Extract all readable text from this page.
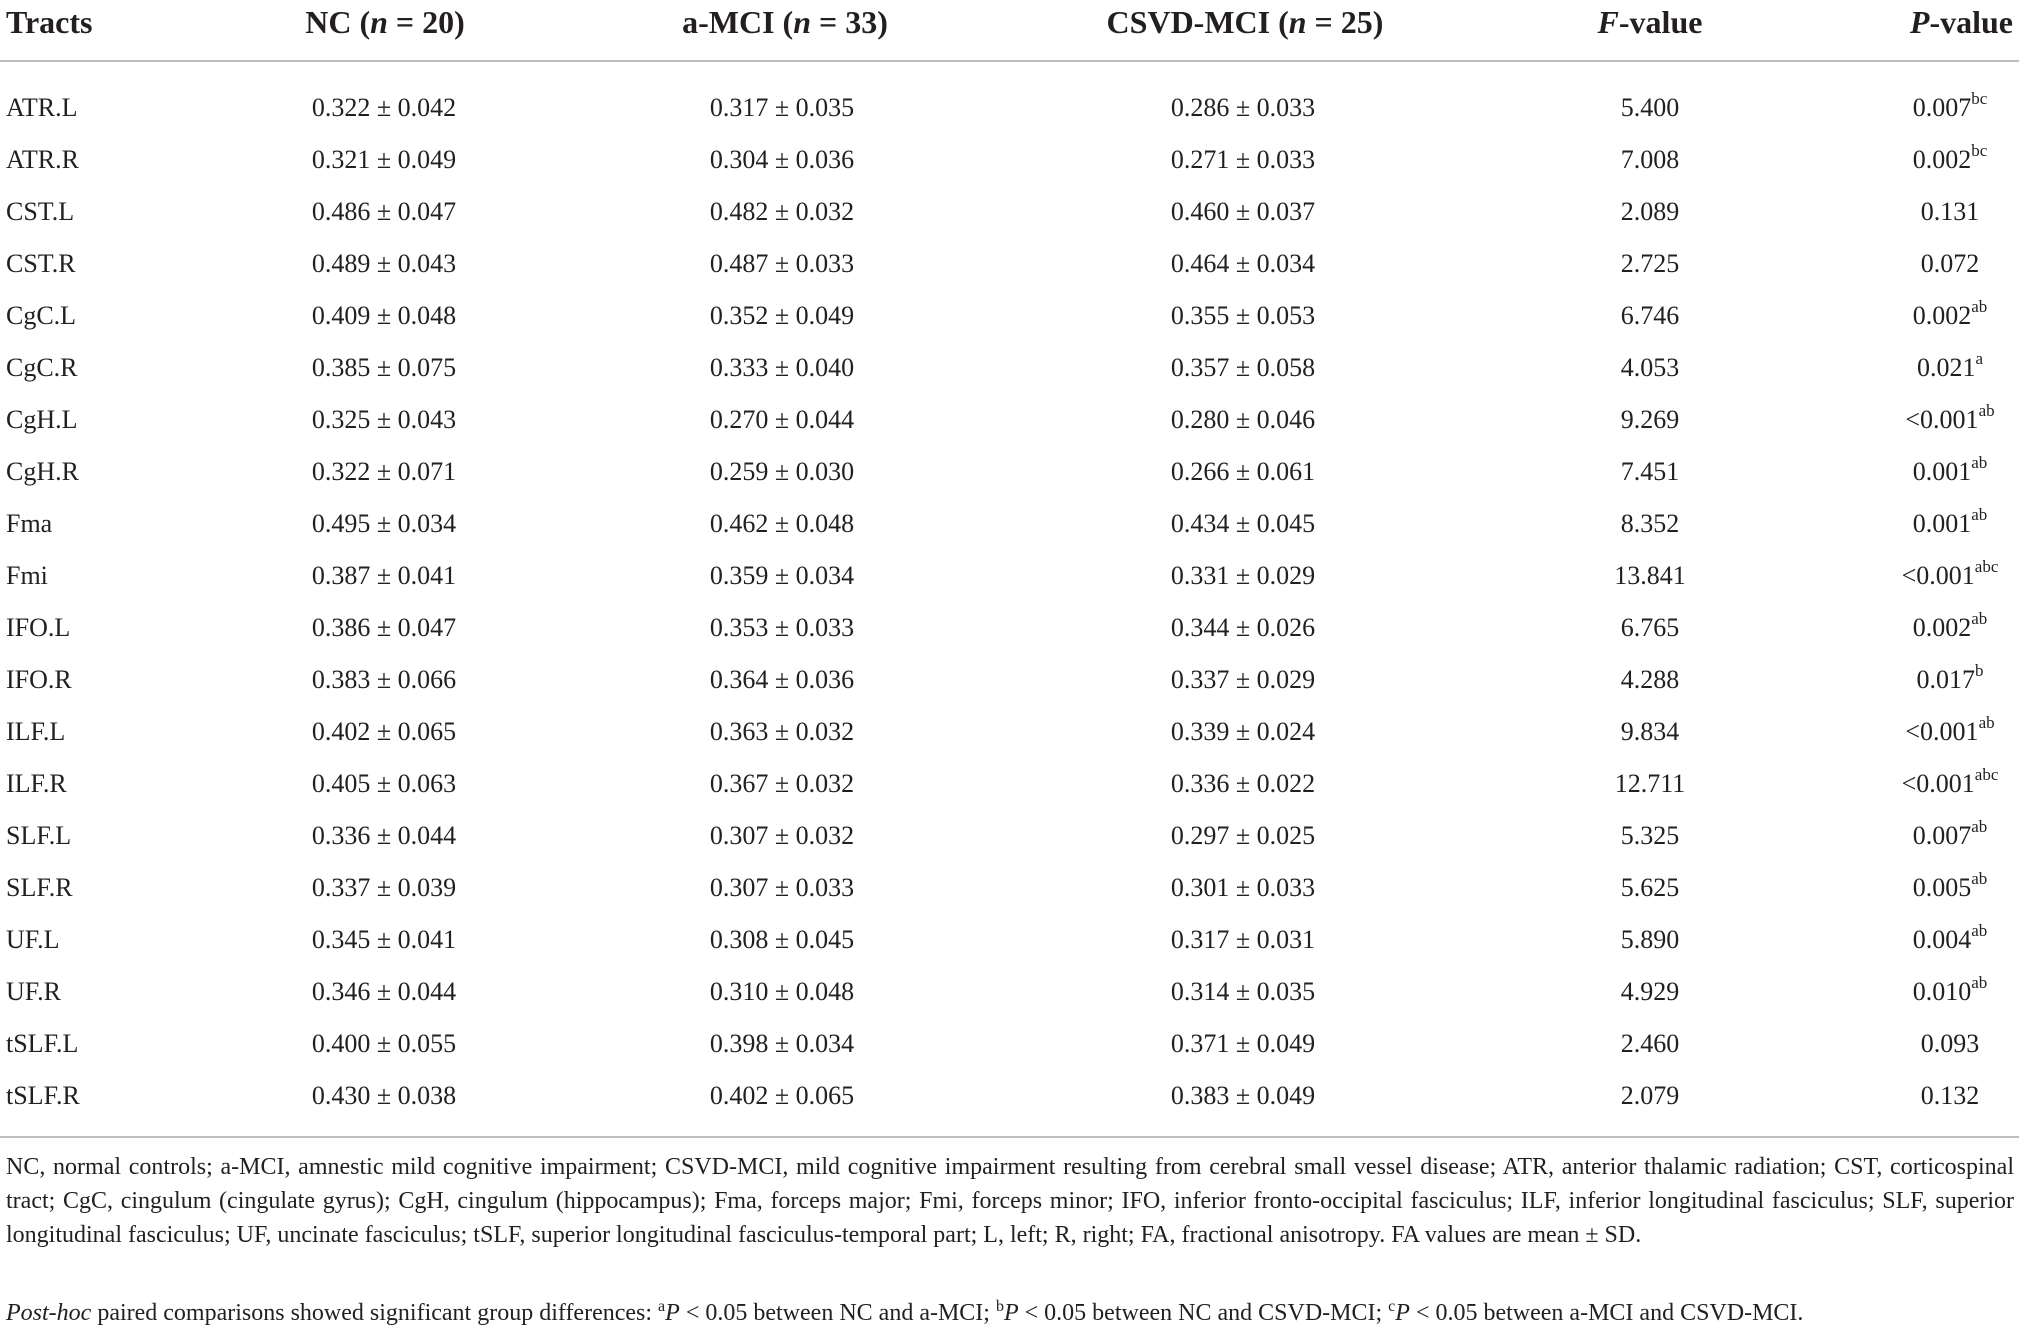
Tracts	NC (n = 20)	a-MCI (n = 33)	CSVD-MCI (n = 25)	F-value	P-value
ATR.L	0.322 ± 0.042	0.317 ± 0.035	0.286 ± 0.033	5.400	0.007$^{bc}$
ATR.R	0.321 ± 0.049	0.304 ± 0.036	0.271 ± 0.033	7.008	0.002$^{bc}$
CST.L	0.486 ± 0.047	0.482 ± 0.032	0.460 ± 0.037	2.089	0.131
CST.R	0.489 ± 0.043	0.487 ± 0.033	0.464 ± 0.034	2.725	0.072
CgC.L	0.409 ± 0.048	0.352 ± 0.049	0.355 ± 0.053	6.746	0.002$^{ab}$
CgC.R	0.385 ± 0.075	0.333 ± 0.040	0.357 ± 0.058	4.053	0.021$^a$
CgH.L	0.325 ± 0.043	0.270 ± 0.044	0.280 ± 0.046	9.269	<0.001$^{ab}$
CgH.R	0.322 ± 0.071	0.259 ± 0.030	0.266 ± 0.061	7.451	0.001$^{ab}$
Fma	0.495 ± 0.034	0.462 ± 0.048	0.434 ± 0.045	8.352	0.001$^{ab}$
Fmi	0.387 ± 0.041	0.359 ± 0.034	0.331 ± 0.029	13.841	<0.001$^{abc}$
IFO.L	0.386 ± 0.047	0.353 ± 0.033	0.344 ± 0.026	6.765	0.002$^{ab}$
IFO.R	0.383 ± 0.066	0.364 ± 0.036	0.337 ± 0.029	4.288	0.017$^b$
ILF.L	0.402 ± 0.065	0.363 ± 0.032	0.339 ± 0.024	9.834	<0.001$^{ab}$
ILF.R	0.405 ± 0.063	0.367 ± 0.032	0.336 ± 0.022	12.711	<0.001$^{abc}$
SLF.L	0.336 ± 0.044	0.307 ± 0.032	0.297 ± 0.025	5.325	0.007$^{ab}$
SLF.R	0.337 ± 0.039	0.307 ± 0.033	0.301 ± 0.033	5.625	0.005$^{ab}$
UF.L	0.345 ± 0.041	0.308 ± 0.045	0.317 ± 0.031	5.890	0.004$^{ab}$
UF.R	0.346 ± 0.044	0.310 ± 0.048	0.314 ± 0.035	4.929	0.010$^{ab}$
tSLF.L	0.400 ± 0.055	0.398 ± 0.034	0.371 ± 0.049	2.460	0.093
tSLF.R	0.430 ± 0.038	0.402 ± 0.065	0.383 ± 0.049	2.079	0.132
NC, normal controls; a-MCI, amnestic mild cognitive impairment; CSVD-MCI, mild cognitive impairment resulting from cerebral small vessel disease; ATR, anterior thalamic radiation; CST, corticospinal tract; CgC, cingulum (cingulate gyrus); CgH, cingulum (hippocampus); Fma, forceps major; Fmi, forceps minor; IFO, inferior fronto-occipital fasciculus; ILF, inferior longitudinal fasciculus; SLF, superior longitudinal fasciculus; UF, uncinate fasciculus; tSLF, superior longitudinal fasciculus-temporal part; L, left; R, right; FA, fractional anisotropy. FA values are mean ± SD.
Post-hoc paired comparisons showed significant group differences: $^a$P < 0.05 between NC and a-MCI; $^b$P < 0.05 between NC and CSVD-MCI; $^c$P < 0.05 between a-MCI and CSVD-MCI.
